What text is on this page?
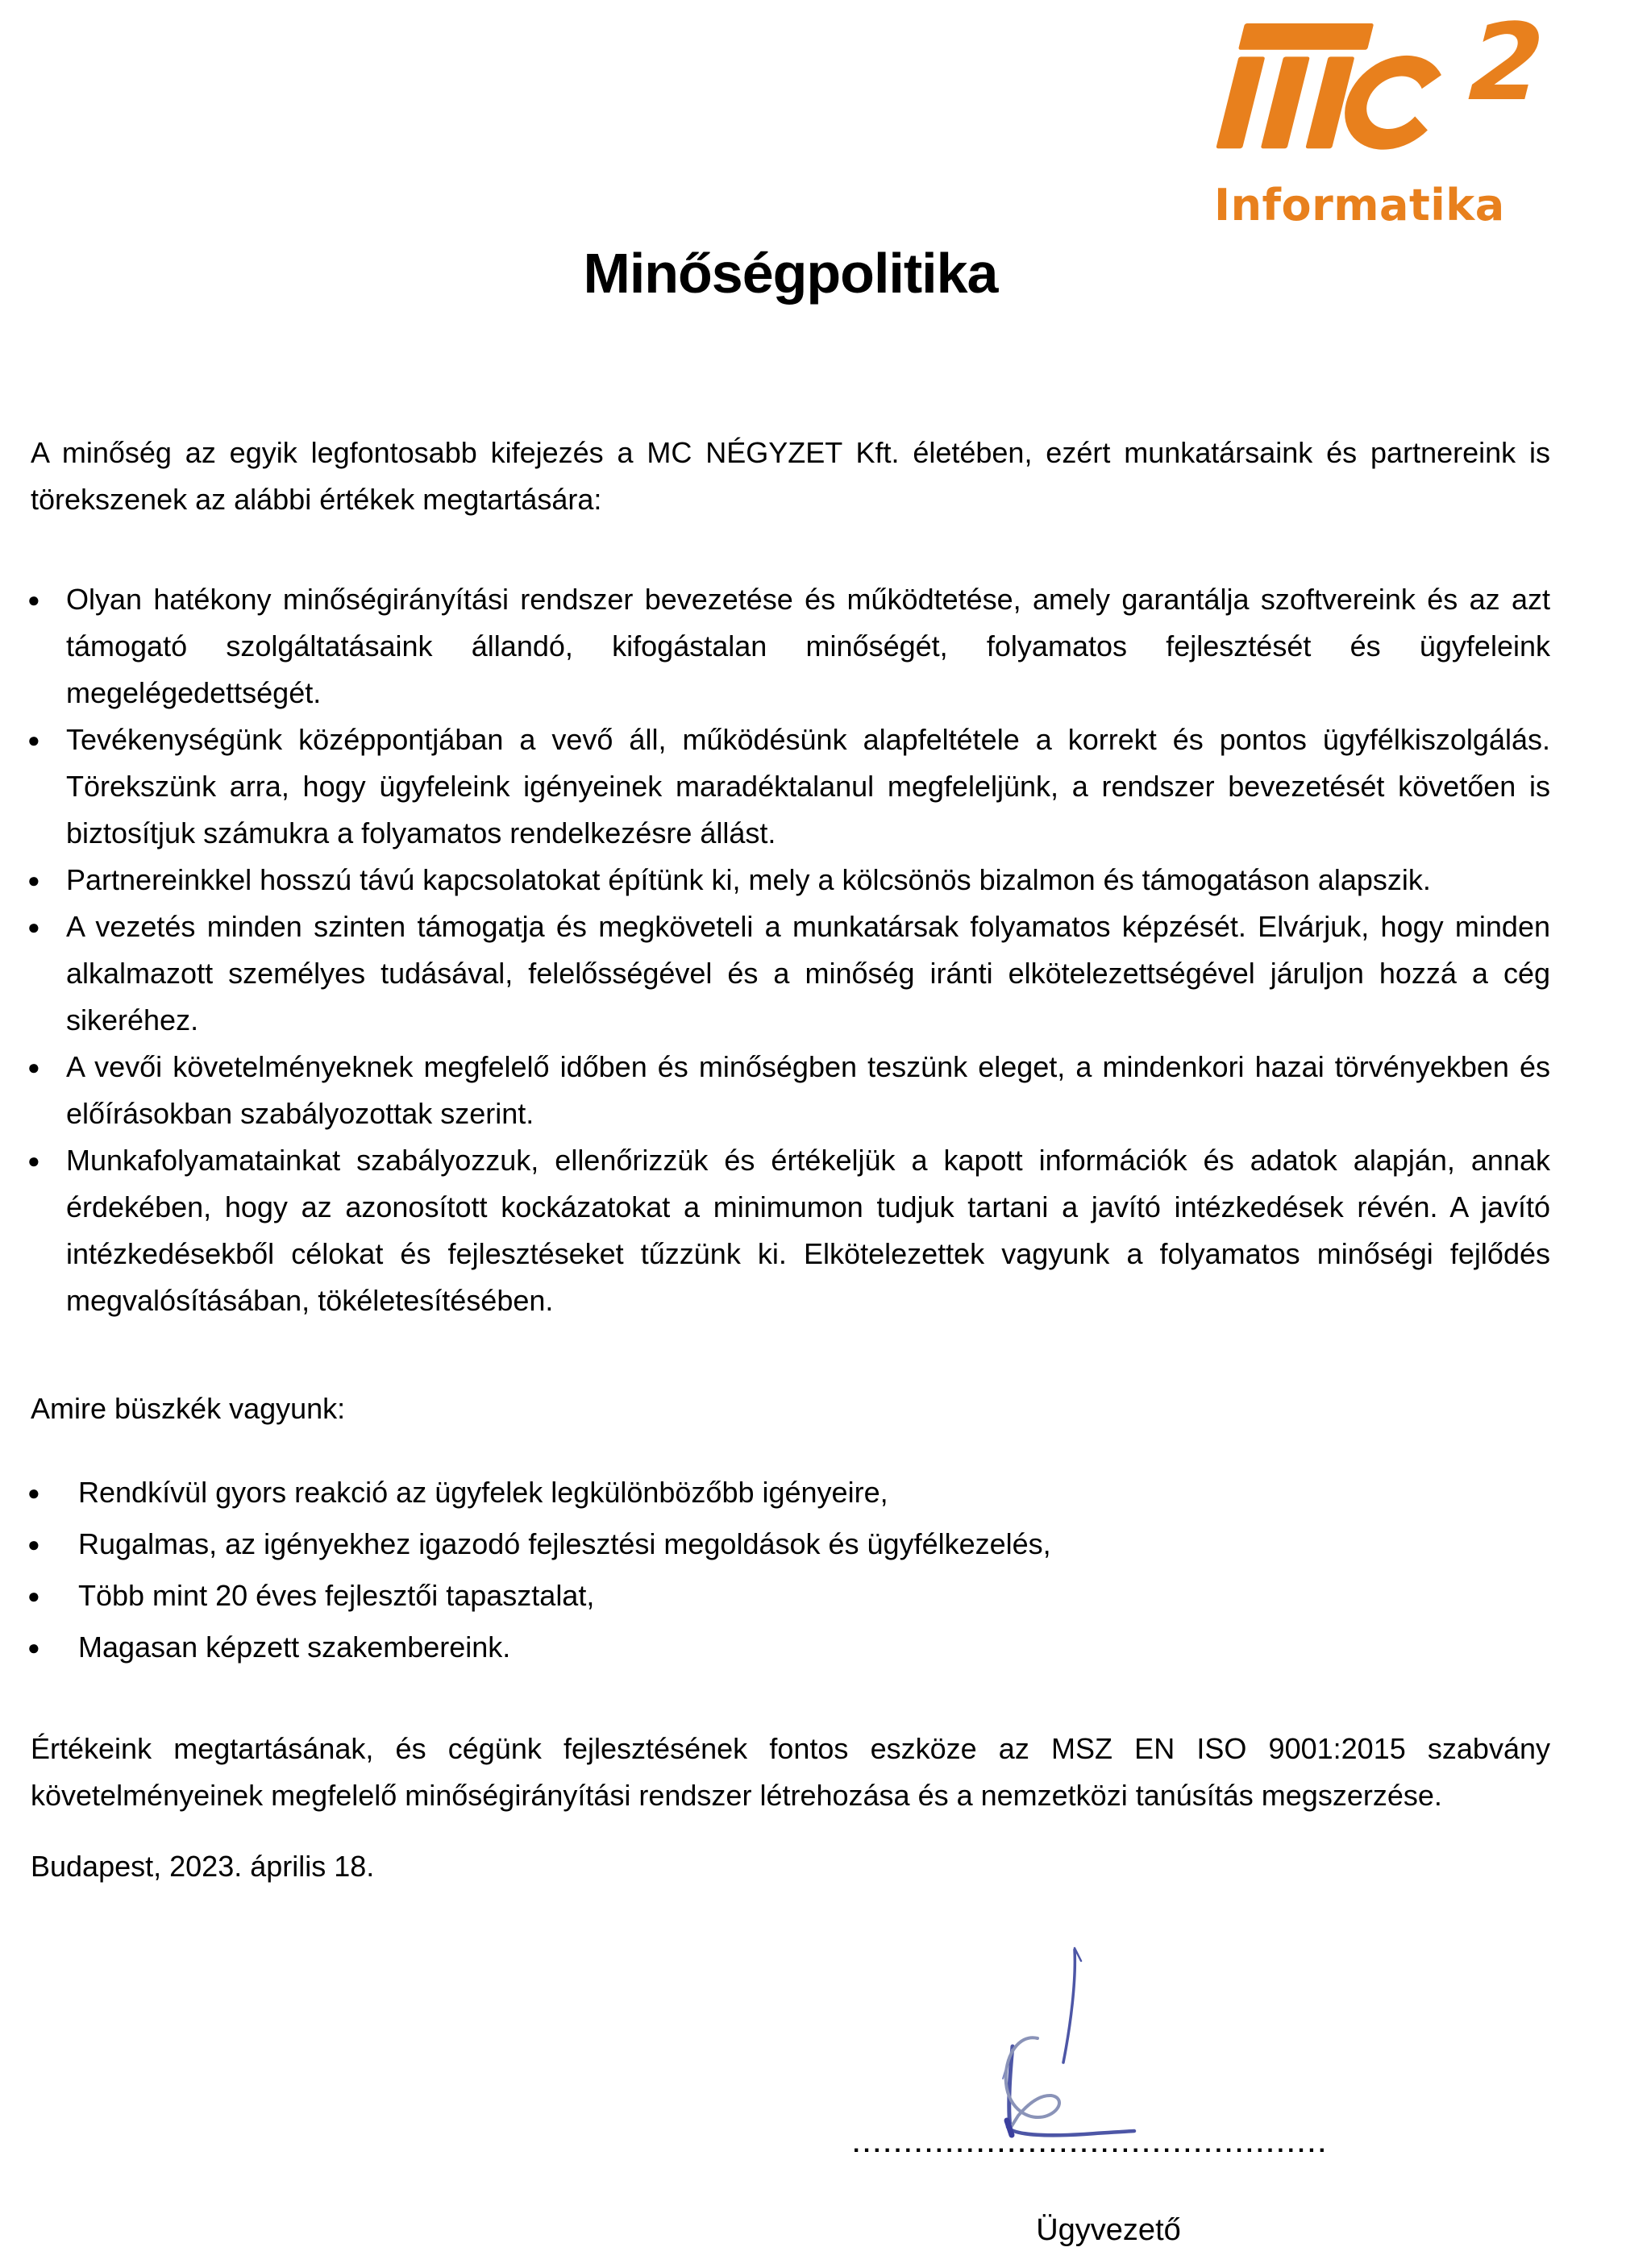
2
Informatika
Minőségpolitika

A minőség az egyik legfontosabb kifejezés a MC NÉGYZET Kft. életében, ezért munkatársaink és partnereink is törekszenek az alábbi értékek megtartására:

● Olyan hatékony minőségirányítási rendszer bevezetése és működtetése, amely garantálja szoftvereink és az azt támogató szolgáltatásaink állandó, kifogástalan minőségét, folyamatos fejlesztését és ügyfeleink megelégedettségét.
● Tevékenységünk középpontjában a vevő áll, működésünk alapfeltétele a korrekt és pontos ügyfélkiszolgálás. Törekszünk arra, hogy ügyfeleink igényeinek maradéktalanul megfeleljünk, a rendszer bevezetését követően is biztosítjuk számukra a folyamatos rendelkezésre állást.
● Partnereinkkel hosszú távú kapcsolatokat építünk ki, mely a kölcsönös bizalmon és támogatáson alapszik.
● A vezetés minden szinten támogatja és megköveteli a munkatársak folyamatos képzését. Elvárjuk, hogy minden alkalmazott személyes tudásával, felelősségével és a minőség iránti elkötelezettségével járuljon hozzá a cég sikeréhez.
● A vevői követelményeknek megfelelő időben és minőségben teszünk eleget, a mindenkori hazai törvényekben és előírásokban szabályozottak szerint.
● Munkafolyamatainkat szabályozzuk, ellenőrizzük és értékeljük a kapott információk és adatok alapján, annak érdekében, hogy az azonosított kockázatokat a minimumon tudjuk tartani a javító intézkedések révén. A javító intézkedésekből célokat és fejlesztéseket tűzzünk ki. Elkötelezettek vagyunk a folyamatos minőségi fejlődés megvalósításában, tökéletesítésében.

Amire büszkék vagyunk:

● Rendkívül gyors reakció az ügyfelek legkülönbözőbb igényeire,
● Rugalmas, az igényekhez igazodó fejlesztési megoldások és ügyfélkezelés,
● Több mint 20 éves fejlesztői tapasztalat,
● Magasan képzett szakembereink.

Értékeink megtartásának, és cégünk fejlesztésének fontos eszköze az MSZ EN ISO 9001:2015 szabvány követelményeinek megfelelő minőségirányítási rendszer létrehozása és a nemzetközi tanúsítás megszerzése.

Budapest, 2023. április 18.

..............................................
Ügyvezető
